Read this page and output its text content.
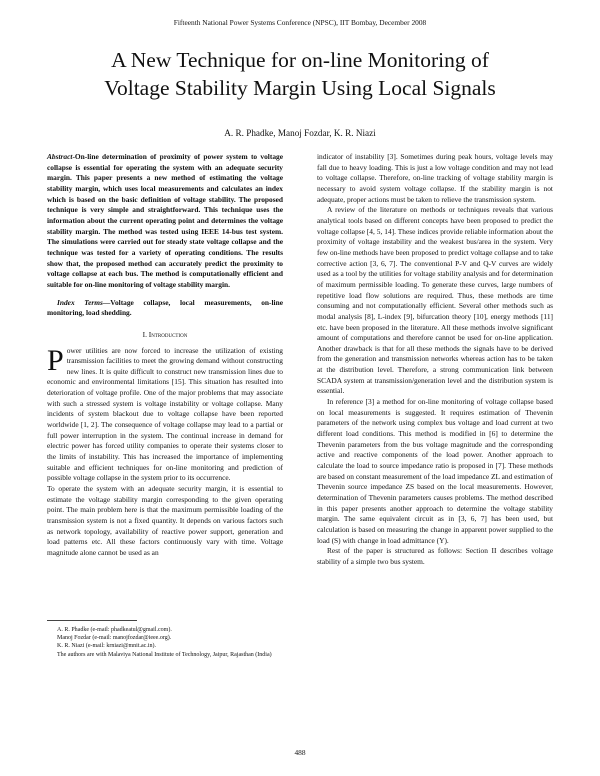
Fifteenth National Power Systems Conference (NPSC), IIT Bombay, December 2008
A New Technique for on-line Monitoring of
Voltage Stability Margin Using Local Signals
A. R. Phadke, Manoj Fozdar, K. R. Niazi

Abstract-On-line determination of proximity of power system to voltage collapse is essential for operating the system with an adequate security margin. This paper presents a new method of estimating the voltage stability margin, which uses local measurements and calculates an index which is based on the basic definition of voltage stability. The proposed technique is very simple and straightforward. This technique uses the information about the current operating point and determines the voltage stability margin. The method was tested using IEEE 14-bus test system. The simulations were carried out for steady state voltage collapse and the technique was tested for a variety of operating conditions. The results show that, the proposed method can accurately predict the proximity to voltage collapse at each bus. The method is computationally efficient and suitable for on-line monitoring of voltage stability margin.

Index Terms—Voltage collapse, local measurements, on-line monitoring, load shedding.

I. Introduction

Power utilities are now forced to increase the utilization of existing transmission facilities to meet the growing demand without constructing new lines. It is quite difficult to construct new transmission lines due to economic and environmental limitations [15]. This situation has resulted into deterioration of voltage profile. One of the major problems that may associate with such a stressed system is voltage instability or voltage collapse. Many incidents of system blackout due to voltage collapse have been reported worldwide [1, 2]. The consequence of voltage collapse may lead to a partial or full power interruption in the system. The continual increase in demand for electric power has forced utility companies to operate their systems closer to the limits of instability. This has increased the importance of implementing suitable and efficient techniques for on-line monitoring and prediction of possible voltage collapse in the system prior to its occurrence.

To operate the system with an adequate security margin, it is essential to estimate the voltage stability margin corresponding to the given operating point. The main problem here is that the maximum permissible loading of the transmission system is not a fixed quantity. It depends on various factors such as network topology, availability of reactive power support, generation and load patterns etc. All these factors continuously vary with time. Voltage magnitude alone cannot be used as an

A. R. Phadke (e-mail: phadkeatul@gmail.com).

Manoj Fozdar (e-mail: manojfozdar@ieee.org).

K. R. Niazi (e-mail: krniazi@mnit.ac.in).

The authors are with Malaviya National Institute of Technology, Jaipur, Rajasthan (India)

indicator of instability [3]. Sometimes during peak hours, voltage levels may fall due to heavy loading. This is just a low voltage condition and may not lead to voltage collapse. Therefore, on-line tracking of voltage stability margin is necessary to avoid system voltage collapse. If the stability margin is not adequate, proper actions must be taken to relieve the transmission system.

A review of the literature on methods or techniques reveals that various analytical tools based on different concepts have been proposed to predict the voltage collapse [4, 5, 14]. These indices provide reliable information about the proximity of voltage instability and the weakest bus/area in the system. Very few on-line methods have been proposed to predict voltage collapse and to take corrective action [3, 6, 7]. The conventional P-V and Q-V curves are widely used as a tool by the utilities for voltage stability analysis and for determination of maximum permissible loading. To generate these curves, large numbers of repetitive load flow solutions are required. Thus, these methods are time consuming and not computationally efficient. Several other methods such as modal analysis [8], L-index [9], bifurcation theory [10], energy methods [11] etc. have been proposed in the literature. All these methods involve significant amount of computations and therefore cannot be used for on-line application. Another drawback is that for all these methods the signals have to be derived from the generation and transmission networks whereas action has to be taken at the distribution level. Therefore, a strong communication link between SCADA system at transmission/generation level and the distribution system is essential.

In reference [3] a method for on-line monitoring of voltage collapse based on local measurements is suggested. It requires estimation of Thevenin parameters of the network using complex bus voltage and load current at two different load conditions. This method is modified in [6] to determine the Thevenin parameters from the bus voltage magnitude and the corresponding active and reactive components of the load power. Another approach to calculate the load to source impedance ratio is proposed in [7]. These methods are based on constant measurement of the load impedance ZL and estimation of Thevenin source impedance ZS based on the local measurements. However, determination of Thevenin parameters causes problems. The method described in this paper presents another approach to determine the voltage stability margin. The same equivalent circuit as in [3, 6, 7] has been used, but calculation is based on measuring the change in apparent power supplied to the load (S) with change in load admittance (Y).

Rest of the paper is structured as follows: Section II describes voltage stability of a simple two bus system.

488
